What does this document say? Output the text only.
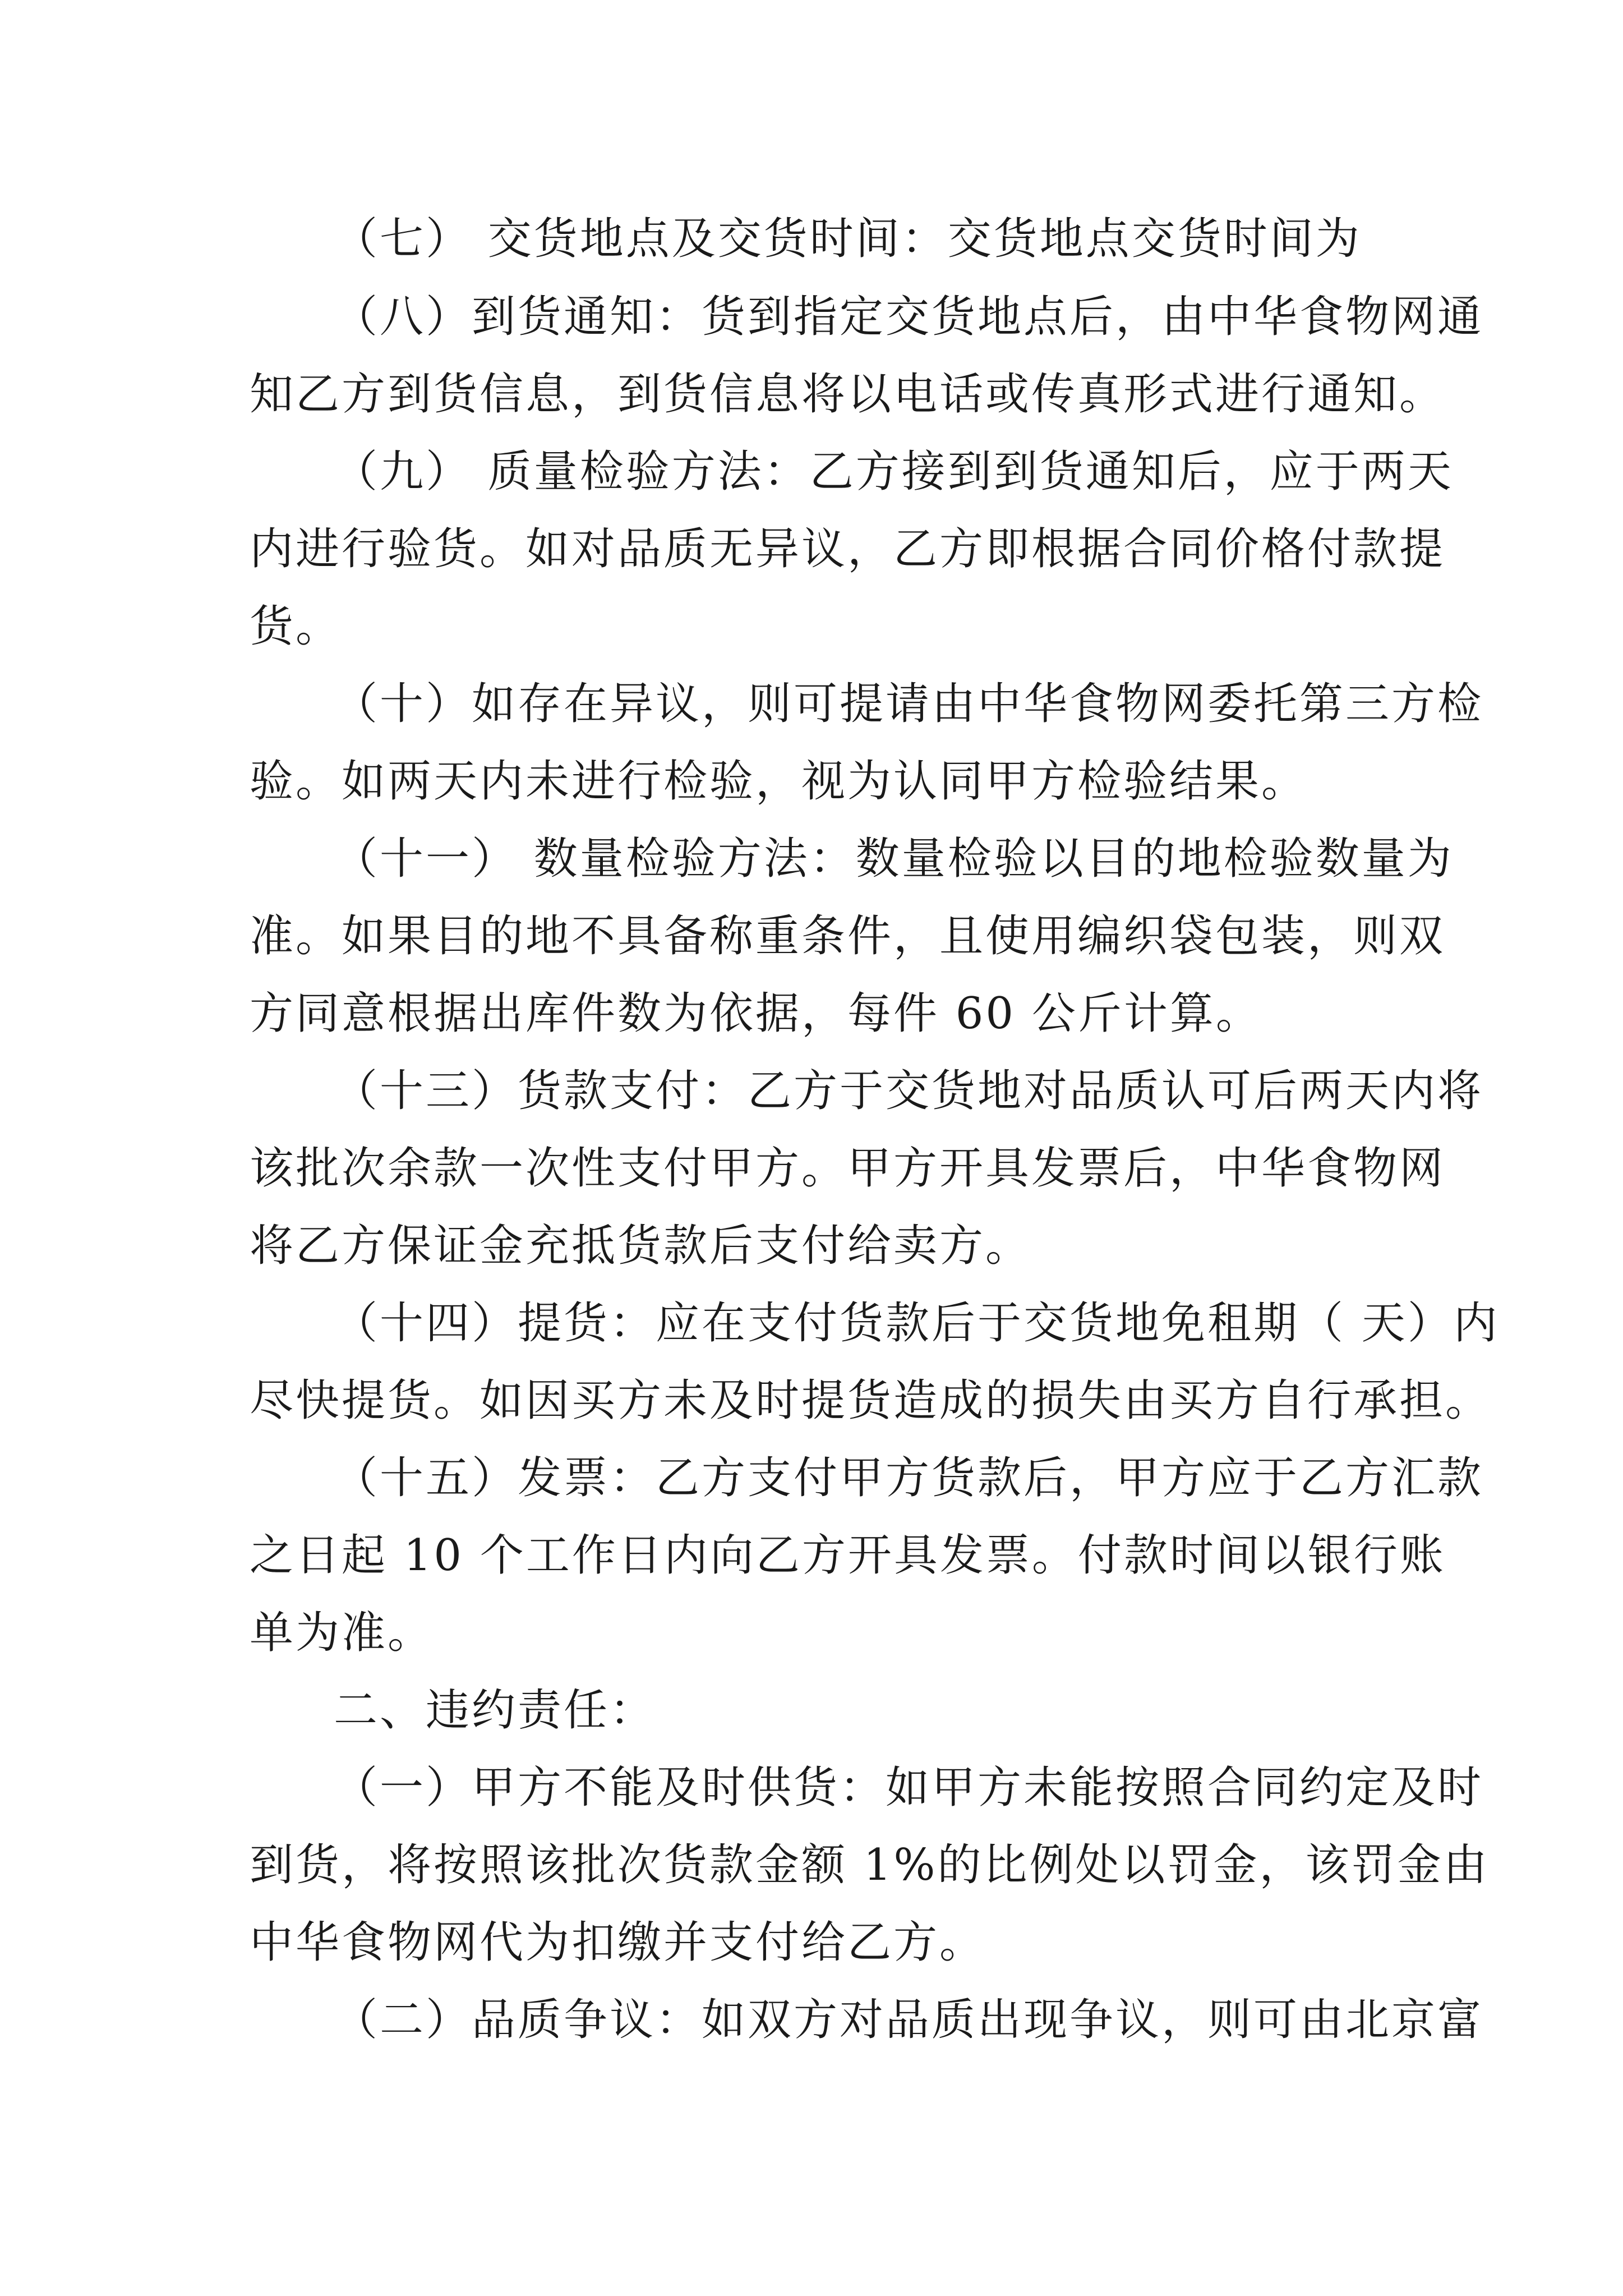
（七） 交货地点及交货时间：交货地点交货时间为
（八）到货通知：货到指定交货地点后，由中华食物网通
知乙方到货信息，到货信息将以电话或传真形式进行通知。
（九） 质量检验方法：乙方接到到货通知后，应于两天
内进行验货。如对品质无异议，乙方即根据合同价格付款提
货。
（十）如存在异议，则可提请由中华食物网委托第三方检
验。如两天内未进行检验，视为认同甲方检验结果。
（十一） 数量检验方法：数量检验以目的地检验数量为
准。如果目的地不具备称重条件，且使用编织袋包装，则双
方同意根据出库件数为依据，每件 60 公斤计算。
（十三）货款支付：乙方于交货地对品质认可后两天内将
该批次余款一次性支付甲方。甲方开具发票后，中华食物网
将乙方保证金充抵货款后支付给卖方。
（十四）提货：应在支付货款后于交货地免租期（ 天）内
尽快提货。如因买方未及时提货造成的损失由买方自行承担。
（十五）发票：乙方支付甲方货款后，甲方应于乙方汇款
之日起 10 个工作日内向乙方开具发票。付款时间以银行账
单为准。
二、违约责任：
（一）甲方不能及时供货：如甲方未能按照合同约定及时
到货，将按照该批次货款金额 1%的比例处以罚金，该罚金由
中华食物网代为扣缴并支付给乙方。
（二）品质争议：如双方对品质出现争议，则可由北京富
